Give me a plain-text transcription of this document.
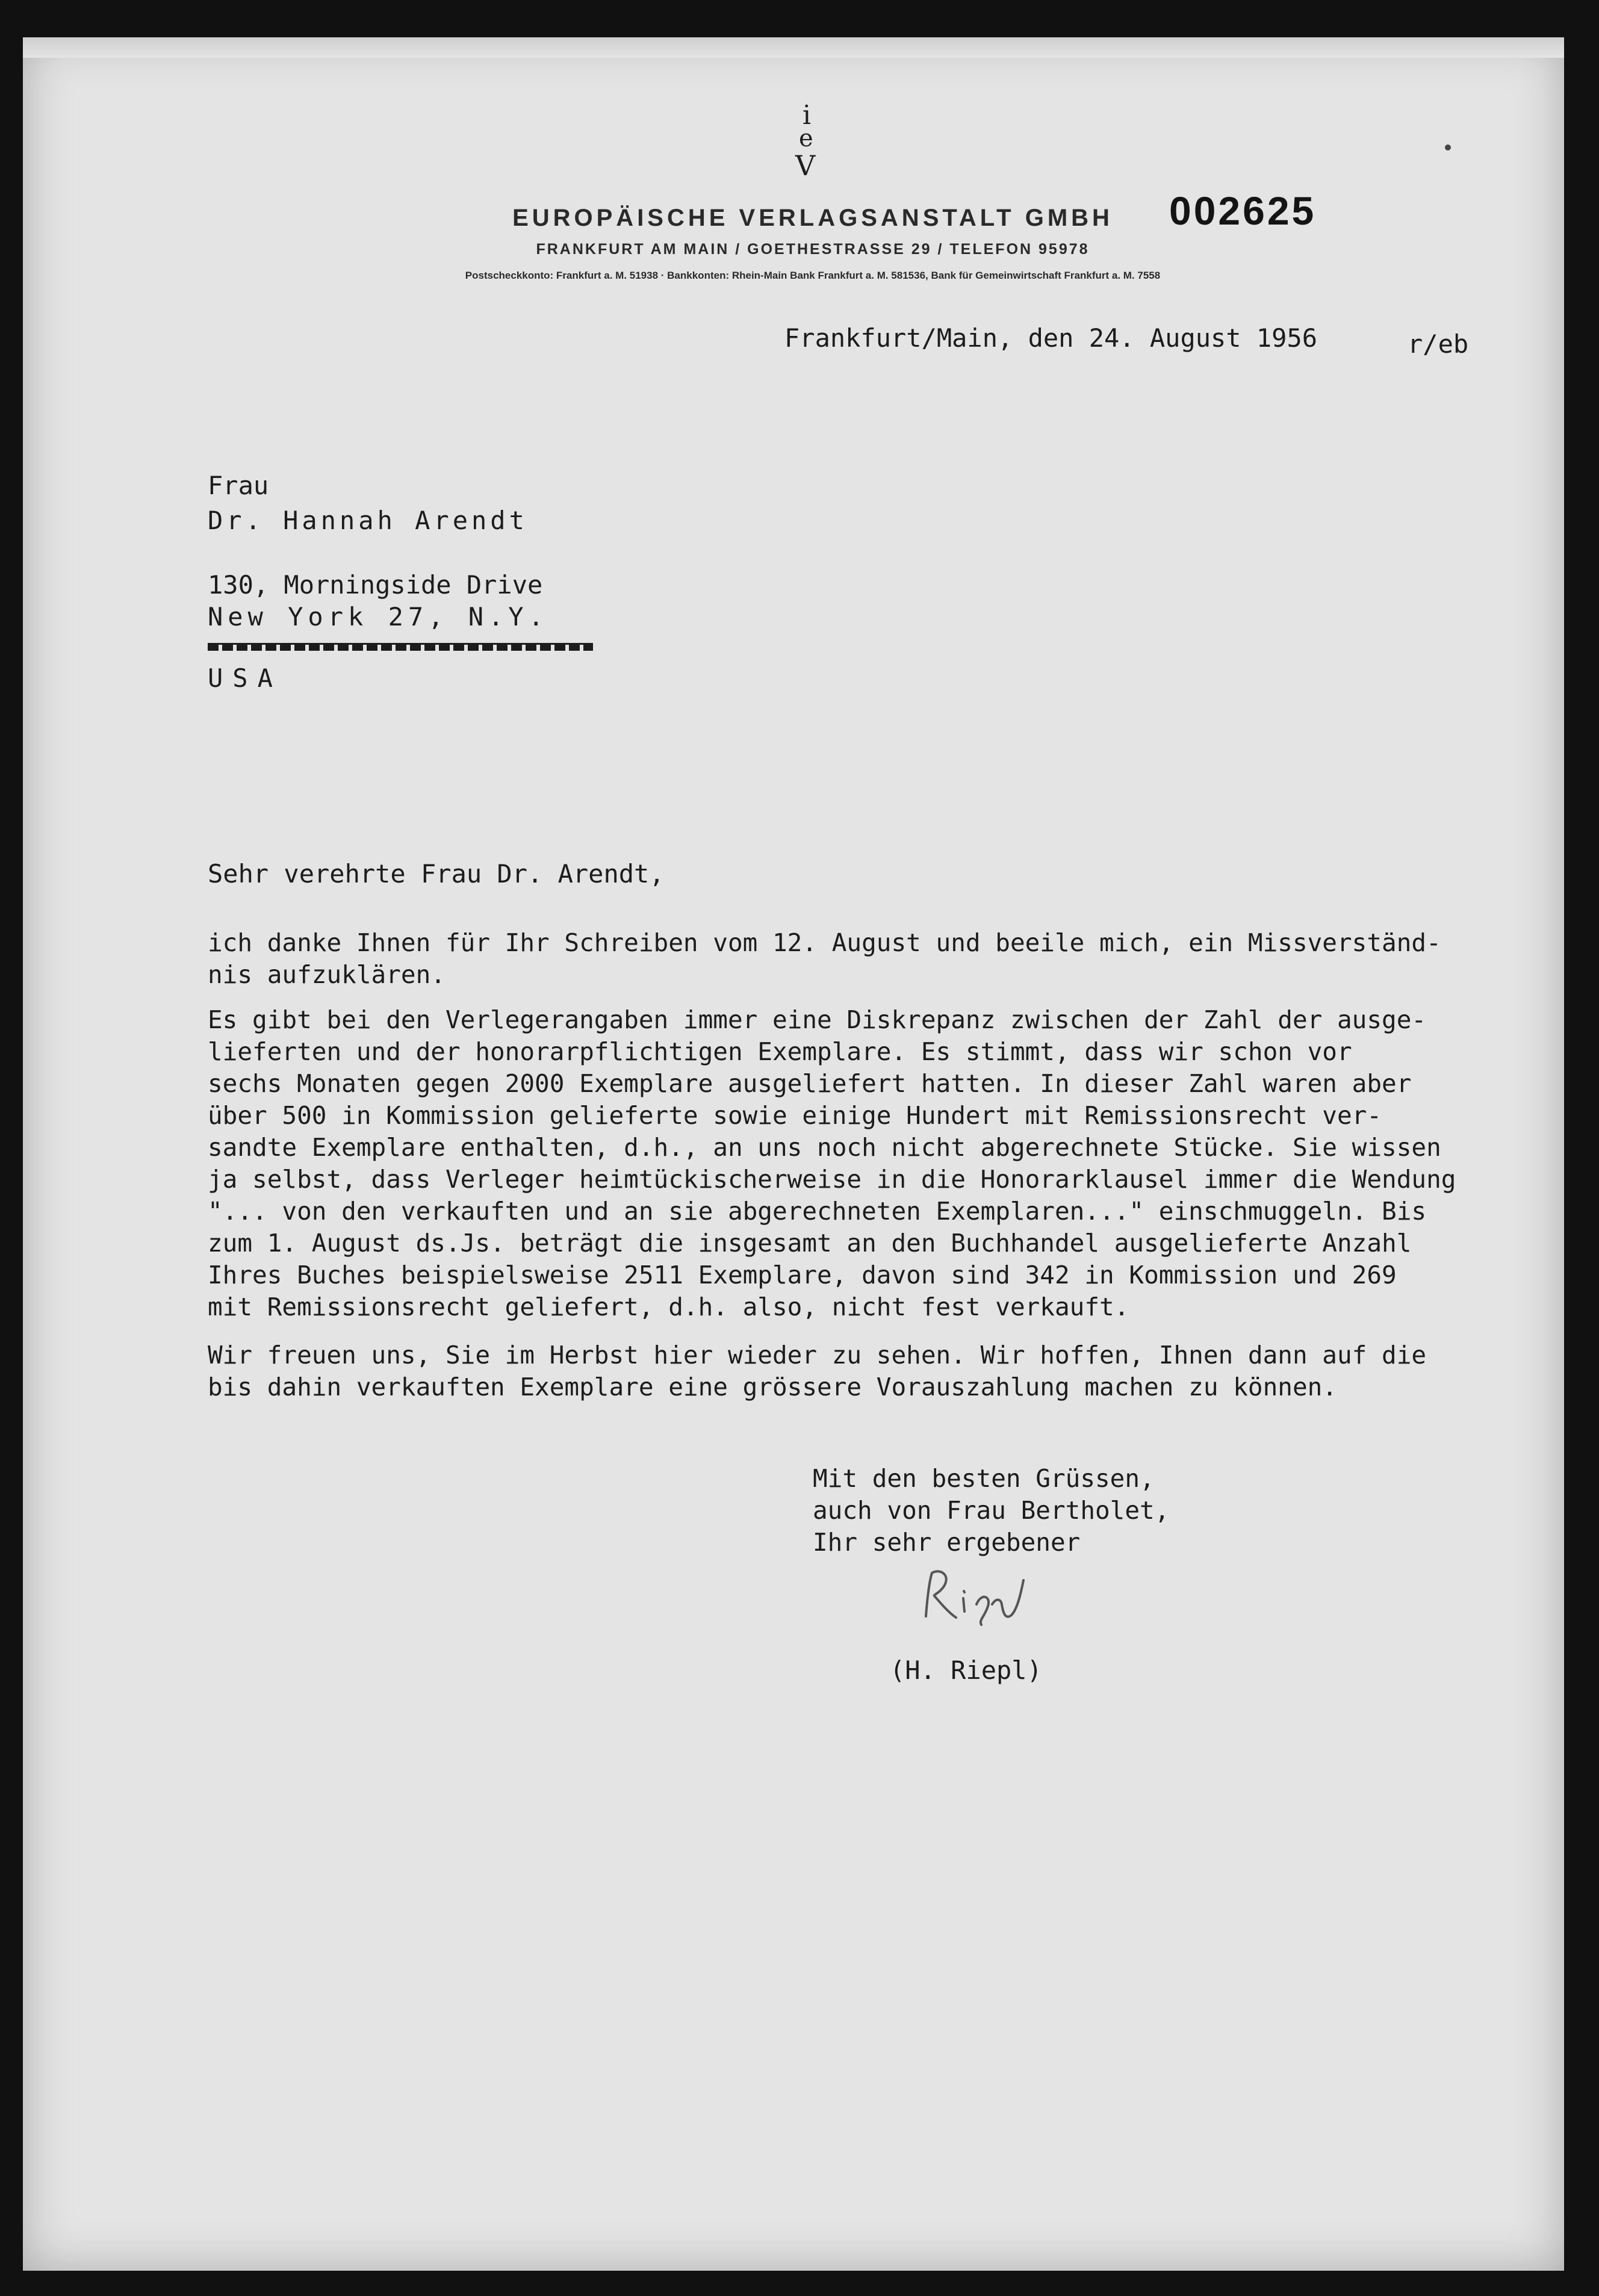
i
e
V
EUROPÄISCHE VERLAGSANSTALT GMBH
FRANKFURT AM MAIN / GOETHESTRASSE 29 / TELEFON 95978
Postscheckkonto: Frankfurt a. M. 51938 · Bankkonten: Rhein-Main Bank Frankfurt a. M. 581536, Bank für Gemeinwirtschaft Frankfurt a. M. 7558
002625
Frankfurt/Main, den 24. August 1956	r/eb
Frau
Dr. Hannah Arendt
130, Morningside Drive
New York 27, N.Y.
USA
Sehr verehrte Frau Dr. Arendt,
ich danke Ihnen für Ihr Schreiben vom 12. August und beeile mich, ein Missverständ-
nis aufzuklären.
Es gibt bei den Verlegerangaben immer eine Diskrepanz zwischen der Zahl der ausge-
lieferten und der honorarpflichtigen Exemplare. Es stimmt, dass wir schon vor
sechs Monaten gegen 2000 Exemplare ausgeliefert hatten. In dieser Zahl waren aber
über 500 in Kommission gelieferte sowie einige Hundert mit Remissionsrecht ver-
sandte Exemplare enthalten, d.h., an uns noch nicht abgerechnete Stücke. Sie wissen
ja selbst, dass Verleger heimtückischerweise in die Honorarklausel immer die Wendung
"... von den verkauften und an sie abgerechneten Exemplaren..." einschmuggeln. Bis
zum 1. August ds.Js. beträgt die insgesamt an den Buchhandel ausgelieferte Anzahl
Ihres Buches beispielsweise 2511 Exemplare, davon sind 342 in Kommission und 269
mit Remissionsrecht geliefert, d.h. also, nicht fest verkauft.
Wir freuen uns, Sie im Herbst hier wieder zu sehen. Wir hoffen, Ihnen dann auf die
bis dahin verkauften Exemplare eine grössere Vorauszahlung machen zu können.
Mit den besten Grüssen,
auch von Frau Bertholet,
Ihr sehr ergebener
(H. Riepl)
